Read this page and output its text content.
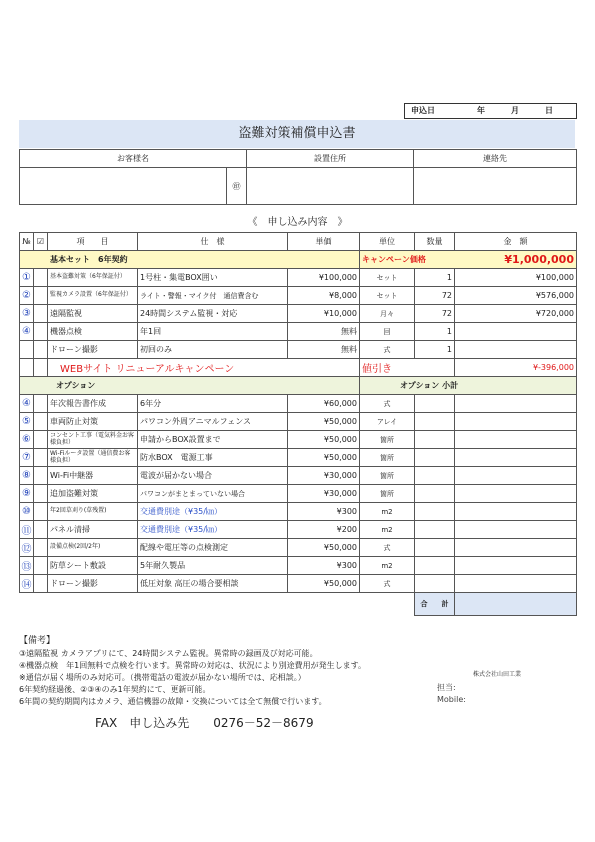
申込日	年	月	日
盗難対策補償申込書
お客様名		設置住所	連絡先
	㊞		
《　申し込み内容　》
№	☑	項　　目	仕　様	単価	単位	数量	金　額
基本セット　6年契約					キャンペーン価格		¥1,000,000
①		基本盗難対策（6年保証付）	1号柱・集電BOX囲い	¥100,000	セット	1	¥100,000
②		監視カメラ設置（6年保証付）	ライト・警報・マイク付　通信費含む	¥8,000	セット	72	¥576,000
③		遠隔監視	24時間システム監視・対応	¥10,000	月々	72	¥720,000
④		機器点検	年1回	無料	回	1	
		ドローン撮影	初回のみ	無料	式	1	
		WEBサイト リニューアルキャンペーン			値引き		¥-396,000
オプション					オプション 小計		
④		年次報告書作成	6年分	¥60,000	式		
⑤		車両防止対策	パワコン外周アニマルフェンス	¥50,000	アレイ		
⑥		コンセント工事（電気料金お客様負担）	申請からBOX設置まで	¥50,000	箇所		
⑦		Wi-Fiルータ設置（通信費お客様負担）	防水BOX　電源工事	¥50,000	箇所		
⑧		Wi-Fi中継器	電波が届かない場合	¥30,000	箇所		
⑨		追加盗難対策	パワコンがまとまっていない場合	¥30,000	箇所		
⑩		年2回草刈り(草残置)	交通費別途（¥35/㎞）	¥300	m2		
⑪		パネル清掃	交通費別途（¥35/㎞）	¥200	m2		
⑫		設備点検(2回/2年)	配線や電圧等の点検測定	¥50,000	式		
⑬		防草シート敷設	5年耐久製品	¥300	m2		
⑭		ドローン撮影	低圧対象 高圧の場合要相談	¥50,000	式		
						合　　計	
【備考】
③遠隔監視 カメラアプリにて、24時間システム監視。異常時の録画及び対応可能。
④機器点検　年1回無料で点検を行います。異常時の対応は、状況により別途費用が発生します。
※通信が届く場所のみ対応可。（携帯電話の電波が届かない場所では、応相談。）
6年契約経過後、②③④のみ1年契約にて、更新可能。
6年間の契約期間内はカメラ、通信機器の故障・交換については全て無償で行います。
FAX　申し込み先　　0276－52－8679
株式会社山田工業
担当:
Mobile:
